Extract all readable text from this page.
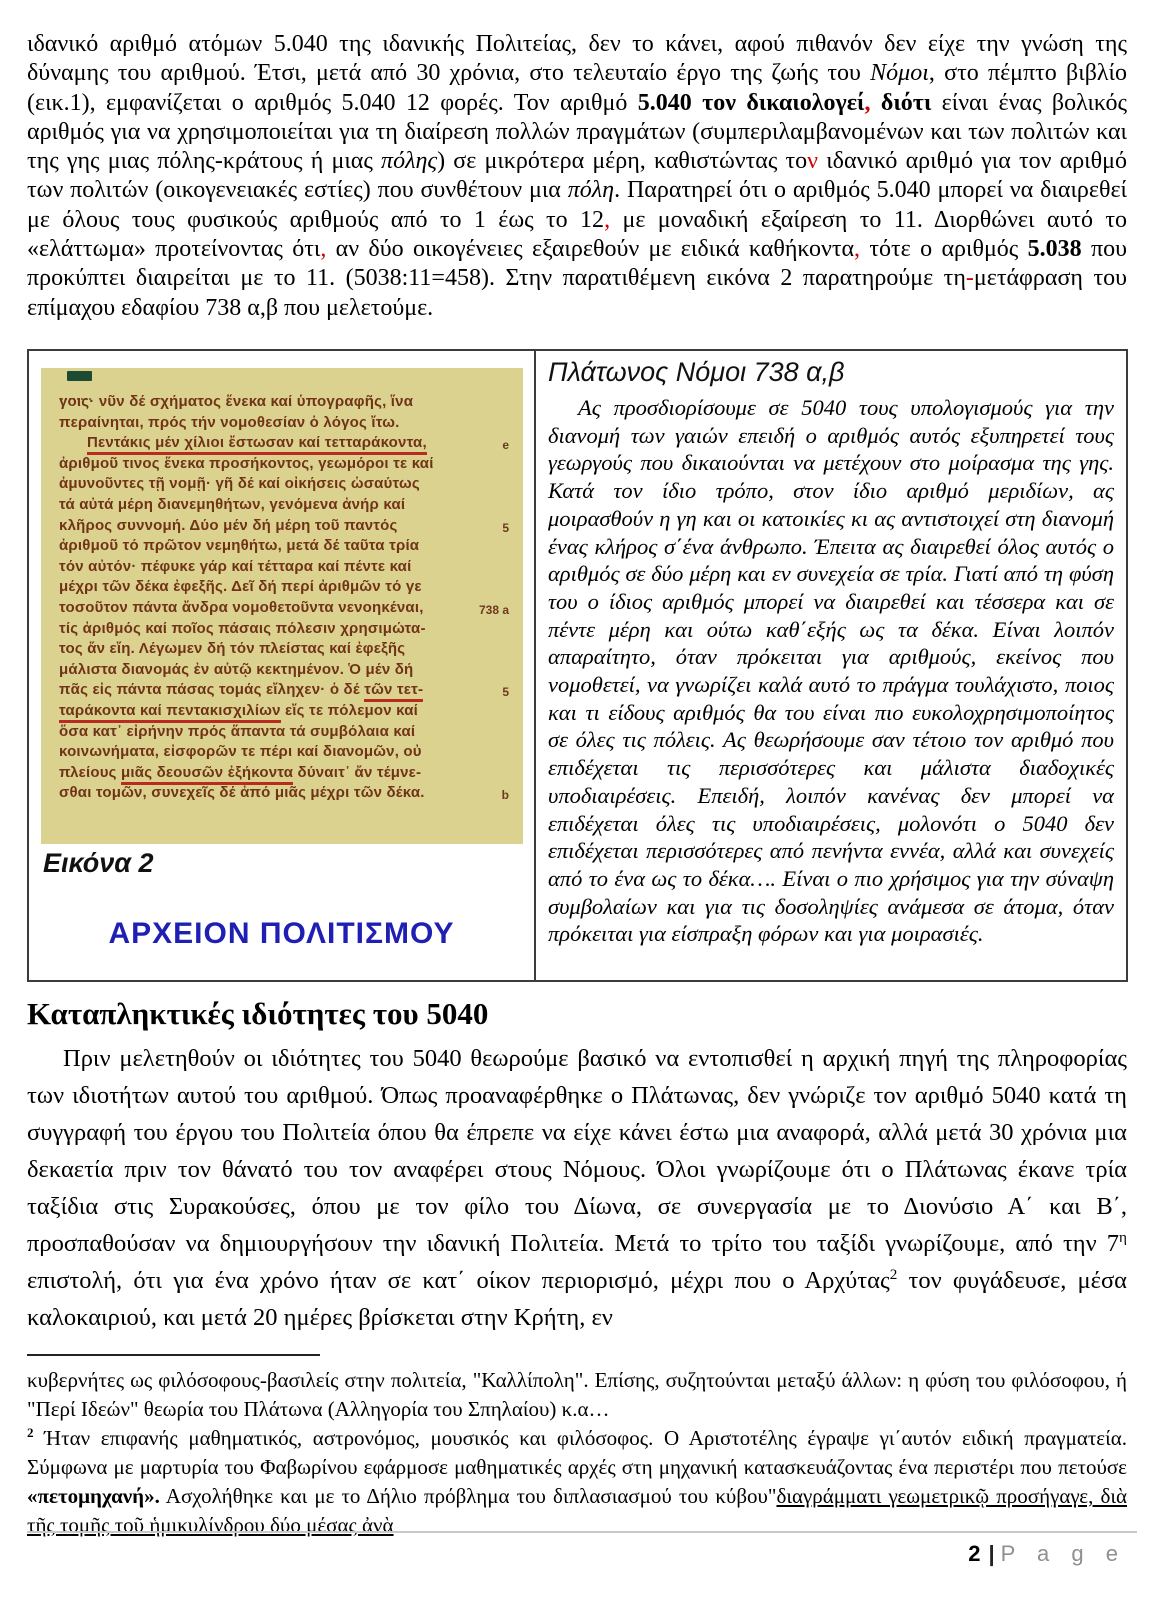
ιδανικό αριθμό ατόμων 5.040 της ιδανικής Πολιτείας, δεν το κάνει, αφού πιθανόν δεν είχε την γνώση της δύναμης του αριθμού. Έτσι, μετά από 30 χρόνια, στο τελευταίο έργο της ζωής του Νόμοι, στο πέμπτο βιβλίο (εικ.1), εμφανίζεται ο αριθμός 5.040 12 φορές. Τον αριθμό 5.040 τον δικαιολογεί, διότι είναι ένας βολικός αριθμός για να χρησιμοποιείται για τη διαίρεση πολλών πραγμάτων (συμπεριλαμβανομένων και των πολιτών και της γης μιας πόλης-κράτους ή μιας πόλης) σε μικρότερα μέρη, καθιστώντας τον ιδανικό αριθμό για τον αριθμό των πολιτών (οικογενειακές εστίες) που συνθέτουν μια πόλη. Παρατηρεί ότι ο αριθμός 5.040 μπορεί να διαιρεθεί με όλους τους φυσικούς αριθμούς από το 1 έως το 12, με μοναδική εξαίρεση το 11. Διορθώνει αυτό το «ελάττωμα» προτείνοντας ότι, αν δύο οικογένειες εξαιρεθούν με ειδικά καθήκοντα, τότε ο αριθμός 5.038 που προκύπτει διαιρείται με το 11. (5038:11=458). Στην παρατιθέμενη εικόνα 2 παρατηρούμε τη-μετάφραση του επίμαχου εδαφίου 738 α,β που μελετούμε.

γοις· νῦν δέ σχήματος ἕνεκα καί ὑπογραφῆς, ἵνα
περαίνηται, πρός τήν νομοθεσίαν ὁ λόγος ἴτω.
Πεντάκις μέν χίλιοι ἔστωσαν καί τετταράκοντα,	e
ἀριθμοῦ τινος ἕνεκα προσήκοντος, γεωμόροι τε καί
ἀμυνοῦντες τῇ νομῇ· γῆ δέ καί οἰκήσεις ὡσαύτως
τά αὐτά μέρη διανεμηθήτων, γενόμενα ἀνήρ καί
κλῆρος συννομή. Δύο μέν δή μέρη τοῦ παντός	5
ἀριθμοῦ τό πρῶτον νεμηθήτω, μετά δέ ταῦτα τρία
τόν αὐτόν· πέφυκε γάρ καί τέτταρα καί πέντε καί
μέχρι τῶν δέκα ἐφεξῆς. Δεῖ δή περί ἀριθμῶν τό γε
τοσοῦτον πάντα ἄνδρα νομοθετοῦντα νενοηκέναι,	738 a
τίς ἀριθμός καί ποῖος πάσαις πόλεσιν χρησιμώτα-
τος ἄν εἴη. Λέγωμεν δή τόν πλείστας καί ἐφεξῆς
μάλιστα διανομάς ἐν αὑτῷ κεκτημένον. Ὁ μέν δή
πᾶς εἰς πάντα πάσας τομάς εἴληχεν· ὁ δέ τῶν τετ-	5
ταράκοντα καί πεντακισχιλίων εἴς τε πόλεμον καί
ὅσα κατ᾽ εἰρήνην πρός ἅπαντα τά συμβόλαια καί
κοινωνήματα, εἰσφορῶν τε πέρι καί διανομῶν, οὐ
πλείους μιᾶς δεουσῶν ἐξήκοντα δύναιτ᾽ ἄν τέμνε-
σθαι τομῶν, συνεχεῖς δέ ἀπό μιᾶς μέχρι τῶν δέκα.	b
Εικόνα 2
ΑΡΧΕΙΟΝ ΠΟΛΙΤΙΣΜΟΥ
Πλάτωνος Νόμοι 738 α,β
Ας προσδιορίσουμε σε 5040 τους υπολογισμούς για την διανομή των γαιών επειδή ο αριθμός αυτός εξυπηρετεί τους γεωργούς που δικαιούνται να μετέχουν στο μοίρασμα της γης. Κατά τον ίδιο τρόπο, στον ίδιο αριθμό μεριδίων, ας μοιρασθούν η γη και οι κατοικίες κι ας αντιστοιχεί στη διανομή ένας κλήρος σ΄ένα άνθρωπο. Έπειτα ας διαιρεθεί όλος αυτός ο αριθμός σε δύο μέρη και εν συνεχεία σε τρία. Γιατί από τη φύση του ο ίδιος αριθμός μπορεί να διαιρεθεί και τέσσερα και σε πέντε μέρη και ούτω καθ΄εξής ως τα δέκα. Είναι λοιπόν απαραίτητο, όταν πρόκειται για αριθμούς, εκείνος που νομοθετεί, να γνωρίζει καλά αυτό το πράγμα τουλάχιστο, ποιος και τι είδους αριθμός θα του είναι πιο ευκολοχρησιμοποίητος σε όλες τις πόλεις. Ας θεωρήσουμε σαν τέτοιο τον αριθμό που επιδέχεται τις περισσότερες και μάλιστα διαδοχικές υποδιαιρέσεις. Επειδή, λοιπόν κανένας δεν μπορεί να επιδέχεται όλες τις υποδιαιρέσεις, μολονότι ο 5040 δεν επιδέχεται περισσότερες από πενήντα εννέα, αλλά και συνεχείς από το ένα ως το δέκα…. Είναι ο πιο χρήσιμος για την σύναψη συμβολαίων και για τις δοσοληψίες ανάμεσα σε άτομα, όταν πρόκειται για είσπραξη φόρων και για μοιρασιές.
Καταπληκτικές ιδιότητες του 5040

Πριν μελετηθούν οι ιδιότητες του 5040 θεωρούμε βασικό να εντοπισθεί η αρχική πηγή της πληροφορίας των ιδιοτήτων αυτού του αριθμού. Όπως προαναφέρθηκε ο Πλάτωνας, δεν γνώριζε τον αριθμό 5040 κατά τη συγγραφή του έργου του Πολιτεία όπου θα έπρεπε να είχε κάνει έστω μια αναφορά, αλλά μετά 30 χρόνια μια δεκαετία πριν τον θάνατό του τον αναφέρει στους Νόμους. Όλοι γνωρίζουμε ότι ο Πλάτωνας έκανε τρία ταξίδια στις Συρακούσες, όπου με τον φίλο του Δίωνα, σε συνεργασία με το Διονύσιο Α΄ και Β΄, προσπαθούσαν να δημιουργήσουν την ιδανική Πολιτεία. Μετά το τρίτο του ταξίδι γνωρίζουμε, από την $7^\eta$ επιστολή, ότι για ένα χρόνο ήταν σε κατ΄ οίκον περιορισμό, μέχρι που ο Αρχύτας$^2$ τον φυγάδευσε, μέσα καλοκαιριού, και μετά 20 ημέρες βρίσκεται στην Κρήτη, εν

κυβερνήτες ως φιλόσοφους-βασιλείς στην πολιτεία, "Καλλίπολη". Επίσης, συζητούνται μεταξύ άλλων: η φύση του φιλόσοφου, ή "Περί Ιδεών" θεωρία του Πλάτωνα (Αλληγορία του Σπηλαίου) κ.α…

$^2$ Ήταν επιφανής μαθηματικός, αστρονόμος, μουσικός και φιλόσοφος. Ο Αριστοτέλης έγραψε γι΄αυτόν ειδική πραγματεία. Σύμφωνα με μαρτυρία του Φαβωρίνου εφάρμοσε μαθηματικές αρχές στη μηχανική κατασκευάζοντας ένα περιστέρι που πετούσε «πετομηχανή». Ασχολήθηκε και με το Δήλιο πρόβλημα του διπλασιασμού του κύβου"διαγράμματι γεωμετρικῷ προσήγαγε, διὰ τῆς τομῆς τοῦ ἡμικυλίνδρου δύο μέσας ἀνὰ

2 | P a g e
